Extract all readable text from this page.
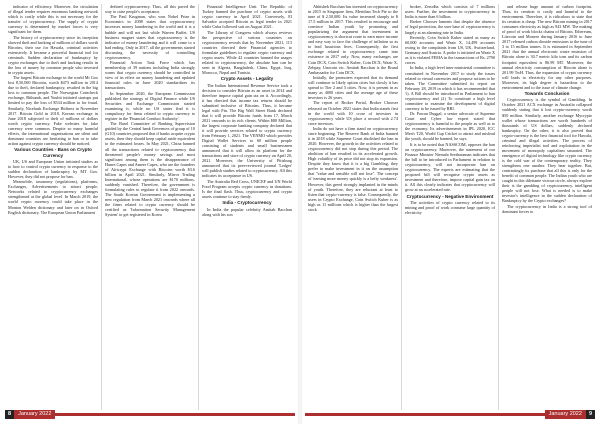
indicator of efficiency. Moreover, the circulation of illegal tender requires enormous banking network which is costly while this is not necessary for the transfer of cryptocurrency. The supply of crypto currency is determined by market forces is very significant for them.

The history of cryptocurrency since its inception showed theft and hacking of millions of dollars worth Bitcoins, their use for Hawala, criminal activities extensively. It became a powerful financial tool for criminals. Sudden declaration of bankruptcy by crypto exchanges due to theft and hacking results in the loss of money by common people who invested in crypto assets.

The largest Bitcoin exchange in the world Mt Gox lost 8,50,000 Bitcoins, worth $473 million in 2014 due to theft, declared bankruptcy, resulted in the big loss to common people. The Norwegian Coincheck exchange, Bithumb, and Youbit initiated startups put limited to pay the loss of $534 million to for fraud. Similarly, Nicehash Exchange Bitfinex in November 2017. Bitcoin Gold in 2018, Korean exchange in June 2018 subjected to theft of millions of dollars worth crypto currency. Fake websites for fake currency were common. Despite so many harmful effects, the international organisations are silent and dominant countries are hesitating to ban or to take action against crypto currency should be noticed.

Various Countries - Bans on Crypto Currency

UK, US and European Union initiated studies as to how to control crypto currency in response to the sudden declaration of bankruptcy by MT Gox. However, they did not propose for ban.

Meanwhile, taxonomy (regulations), platforms, Exchanges, Advertisements to attract people, Networks related to cryptocurrency exchanges strengthened at the global level. In March 2019, the world crypto currency could take place in the Monton Welden dictionary and later on in Oxford English dictionary. The European Union Parliament

defined cryptocurrency. Thus, all this paved the way to raise people's acceptance.

The Paul Krugman, who won Nobel Prize in Economics in 2008 states that cryptocurrency increases money laundering in the world and it is a bubble and will not last while Warren Buffet, US business magnet states that cryptocurrency is the indicator of money laundering and it will come to a bad ending. Only in 2017, all the governments started discussing the necessity of controlling cryptocurrency.

Financial Action Task Force which has membership of 39 nations including India strongly warns that crypto currency should be controlled in view of its effect on money laundering and updated financial rules in June 2020 standardizes its transactions.

In September 2020, the European Commission published the strategy of Digital Finance while US Securities and Exchange Commission started examining it, while no US states find it is compulsory for firms related to crypto currency to register in the 'Financial Conduct Authority'.

The Basel Committee of Banking Supervision guided by the Central bank Governors of group of 10 (G10) countries proposed that if banks acquire crypto assets, then they should keep capital aside equivalent to the estimated losses. In May 2021, China banned all the transactions related to cryptocurrency that threatened people's money savings and most significant among them is the disappearance of Hanes Capes and Ameer Capes, who are the founders of Africrypt Exchange with Bitcoins worth $3.6 billion in April 2021. Similarly, Mirror Trading International, whose operations are $170 millions, suddenly vanished. Therefore, the government is formulating rules to regulate it from 2022 onwards. The South Korean Government is implementing a new regulation from March 2021 onwards where all the firms related to crypto currency should be certified as 'Information Security Management System' to get registered in Korea

Financial Intelligence Unit. The Republic of Turkey banned the purchase of crypto assets with crypto currency in April 2021. Conversely, El Salvador accepted Bitcoin as legal tender in 2021 while Cuba followed suit on August 2021.

The Library of Congress which always reviews the perspective of various countries on cryptocurrency reveals that by November 2021, 113 countries directed their Financial agencies to formulate guidelines to regulate crypto currency and crypto assets. While 42 countries banned the usages related to cryptocurrency, the absolute ban can be seen in Algeria, Bangladesh, China, Egypt, Iraq, Morocco, Nepal and Tunisia.

Crypto Assets - Legality

The Indian International Revenue Service took a decision to consider Bitcoin as an asset in 2014 and therefore impose capital gain tax on it. Accordingly, it has directed that income tax returns should be submitted inclusive of Bitcoins. Thus, it became legal with Fin. The Big Wall Street Bank declared that it will provide Bitcoin funds from 17, March 2021 onwards to its rich clients. Within $80 Million, the largest corporate banking company declared that it will provide services related to crypto currency from February 1, 2021. The VENMO which provides Digital Wallet Services to 60 million people consisting of students and small businessmen announced that it will allow its platform for the transactions and store of crypto currency on April 20, 2021. Moreover, the University of Pittsburg announced that its peer-reviewed journal 'Ledger' will publish studies related to cryptocurrency. All this indicates its acceptance in US.

The Australia Red Cross, UNICEF and UN World Food Program accepts crypto currency as donations. Is the final flash. Thus, cryptocurrency and crypto assets continue to stay firmly.

India - Cryptocurrency

In India the popular celebrity Amitab Bacchan along with his son

Abhishek Bacchan has invested on cryptocurrency in 2015 in Singapore firm, Meridian Tech Pte to the tune of $ 2,50,000. Its value increased sharply to $ 17.5 million in 2017. This resulted to encourage and convince Indian youth by promoting and popularizing the argument that investment in cryptocurrency is shortcut route to earn more income and easy way to face the challenge of inflation so as to lead luxurious lives. Consequently, the first exchange related to cryptocurrency came into existence in 2017 only. Now, many exchanges are Coin DCX, Coin Switch Kuber, Coin DCX, Wazir X, Zebpay, Unocoin etc. Amitab Bacchan is the Brand Ambassador for Coin DCX.

Initially, the promoters expected that its demand will continue to likely option cities but slowly it has spread to Tier 2 and 3 cities. Now, it is present in as many as 4000 cities and the average age of these investors is 26 years.

The report of Broker Portal, Broker Chooser released on October 2021 states that India stands first in the world with 10 crore of investors in cryptocurrency while US place a second with 2.74 crore investors.

India do not have a firm stand on cryptocurrency since beginning. The Reserve Bank of India banned it in 2018 while Supreme Court abolished the ban in 2020. However, the growth in the activities related to cryptocurrency did not stop during this period. The abolition of ban resulted in its accelerated growth. High volatility of its price did not stop its expansion. Despite they know that it is a big Gambling, they prefer to make investment in it on the assumption that "value and sensible will not lose". The concept of 'earning more money quickly is a hefty weakness'. However, this greed strongly implanted in the minds of youth. Therefore, they are reluctant at least to listen that crypto-currency is false. Consequently, the users in Crypto Exchange, Coin Switch Kuber is as high as 11 millions which is higher than the largest stock

broker, Zerodha which consists of 7 millions users. Further, the investment in cryptocurrency in India is more than 6 billion.

Broker Chooser laments that despite the absence of legal protection, the user base of cryptocurrency is largely at an alarming rate in India.

Recently, Coin Switch Kuber stated as many as 60,000 accounts and Wazir X, 14,499 accounts owing to the complaints from US, UK, Switzerland, Germany and Austria. A probe is initiated on Wazir X as it is violated FEMA in the transactions of Rs. 2790 crores.

In India, a high level inter ministerial committee is constituted in November 2017 to study the issues related to virtual currencies and propose actions to be taken. The Committee submitted its report on February 28, 2019 in which it has recommended that 1). A Bill should be introduced in Parliament to ban cryptocurrency and (2) To constitute a high level committee to examine the development of digital currency to be issued by RBI.

Dr. Pawan Duggal, a senior advocate of Supreme Court and Cyber law expert stated that cryptocurrency is harmful to the people as well as to the economy. Its advertisements in IPL 2020, ICC Men's T20, World Cup Cricket to attract and mislead the youth, should be banned, he says.

It is to be noted that NASSCOM, opposes the ban on cryptocurrency. Moreover, the statement of our Finance Minister Nirmala Seetharaman indicates that the bill to be introduced in Parliament in relation to cryptocurrency, will not incorporate ban on cryptocurrency. The experts are estimating that the proposed bill will recognise crypto assets as investment and therefore, impose capital gain tax on it. All this clearly indicates that cryptocurrency will grow at an accelerated rate.

Cryptocurrency - Negative Environment

The activities of crypto currency related to its mining and proof of work consume large quantity of electricity

and release huge amount of carbon footprint. Thus, its creation is costly and harmful to the environment. Therefore, it is ridiculous to state that its creation is cheap. The new Bitcoin mining in 2017 consumes electricity as high as 943 MW. The making of proof of work blocks chains of Bitcoin, Ethereum, Litecoin and Monero during January 2016 to June 2017 released carbon dioxide emissions to the tune of 3 to 15 million tonnes. It is estimated in September 2021 that the annual electronic waste emission of Bitcoin alone is 30.7 metric kilo tons and its carbon footprint equivalent is 86.99 MT. Moreover, the annual electricity consumption of Bitcoin alone is 201.99 TwH. Thus, the expansion of crypto currency will leads to electricity for any other purposes. Moreover, its high degree is hazardous to the environment and to the issue of climate change.

Towards Conclusion

Cryptocurrency is the symbol of Gambling. In October 2021 ACX exchange in Australia collapsed suddenly stating that it lost crypto-currency worth $50 million. Similarly, another exchange Mycrypto wallet whose transactions are worth hundreds of thousands of US dollars, suddenly declared bankruptcy. On the other, it is also proved that crypto-currency is the best financial tool for Hawala, criminal and illegal activities. The process of reinforcing imperialist tool and exploitation in the movement of monopoly capitalism saturated. The emergence of digital technology like crypto currency is the cold war of the contemporary reality. They strengthens one another. They bear together. But, contrastingly its purchase that all this is only for the benefit of common people. The Indian youth who are caught in this dilettante vicious circle, always explore their is the gambling of cryptocurrency, intelligent people will not lose. What is needed is to make investor's intelligence in the sudden declaration of Bankruptcy by the Crypto exchanges?

The cryptocurrency in India is a strong tool of dominant forces to

8	January 2022	January 2022	9
